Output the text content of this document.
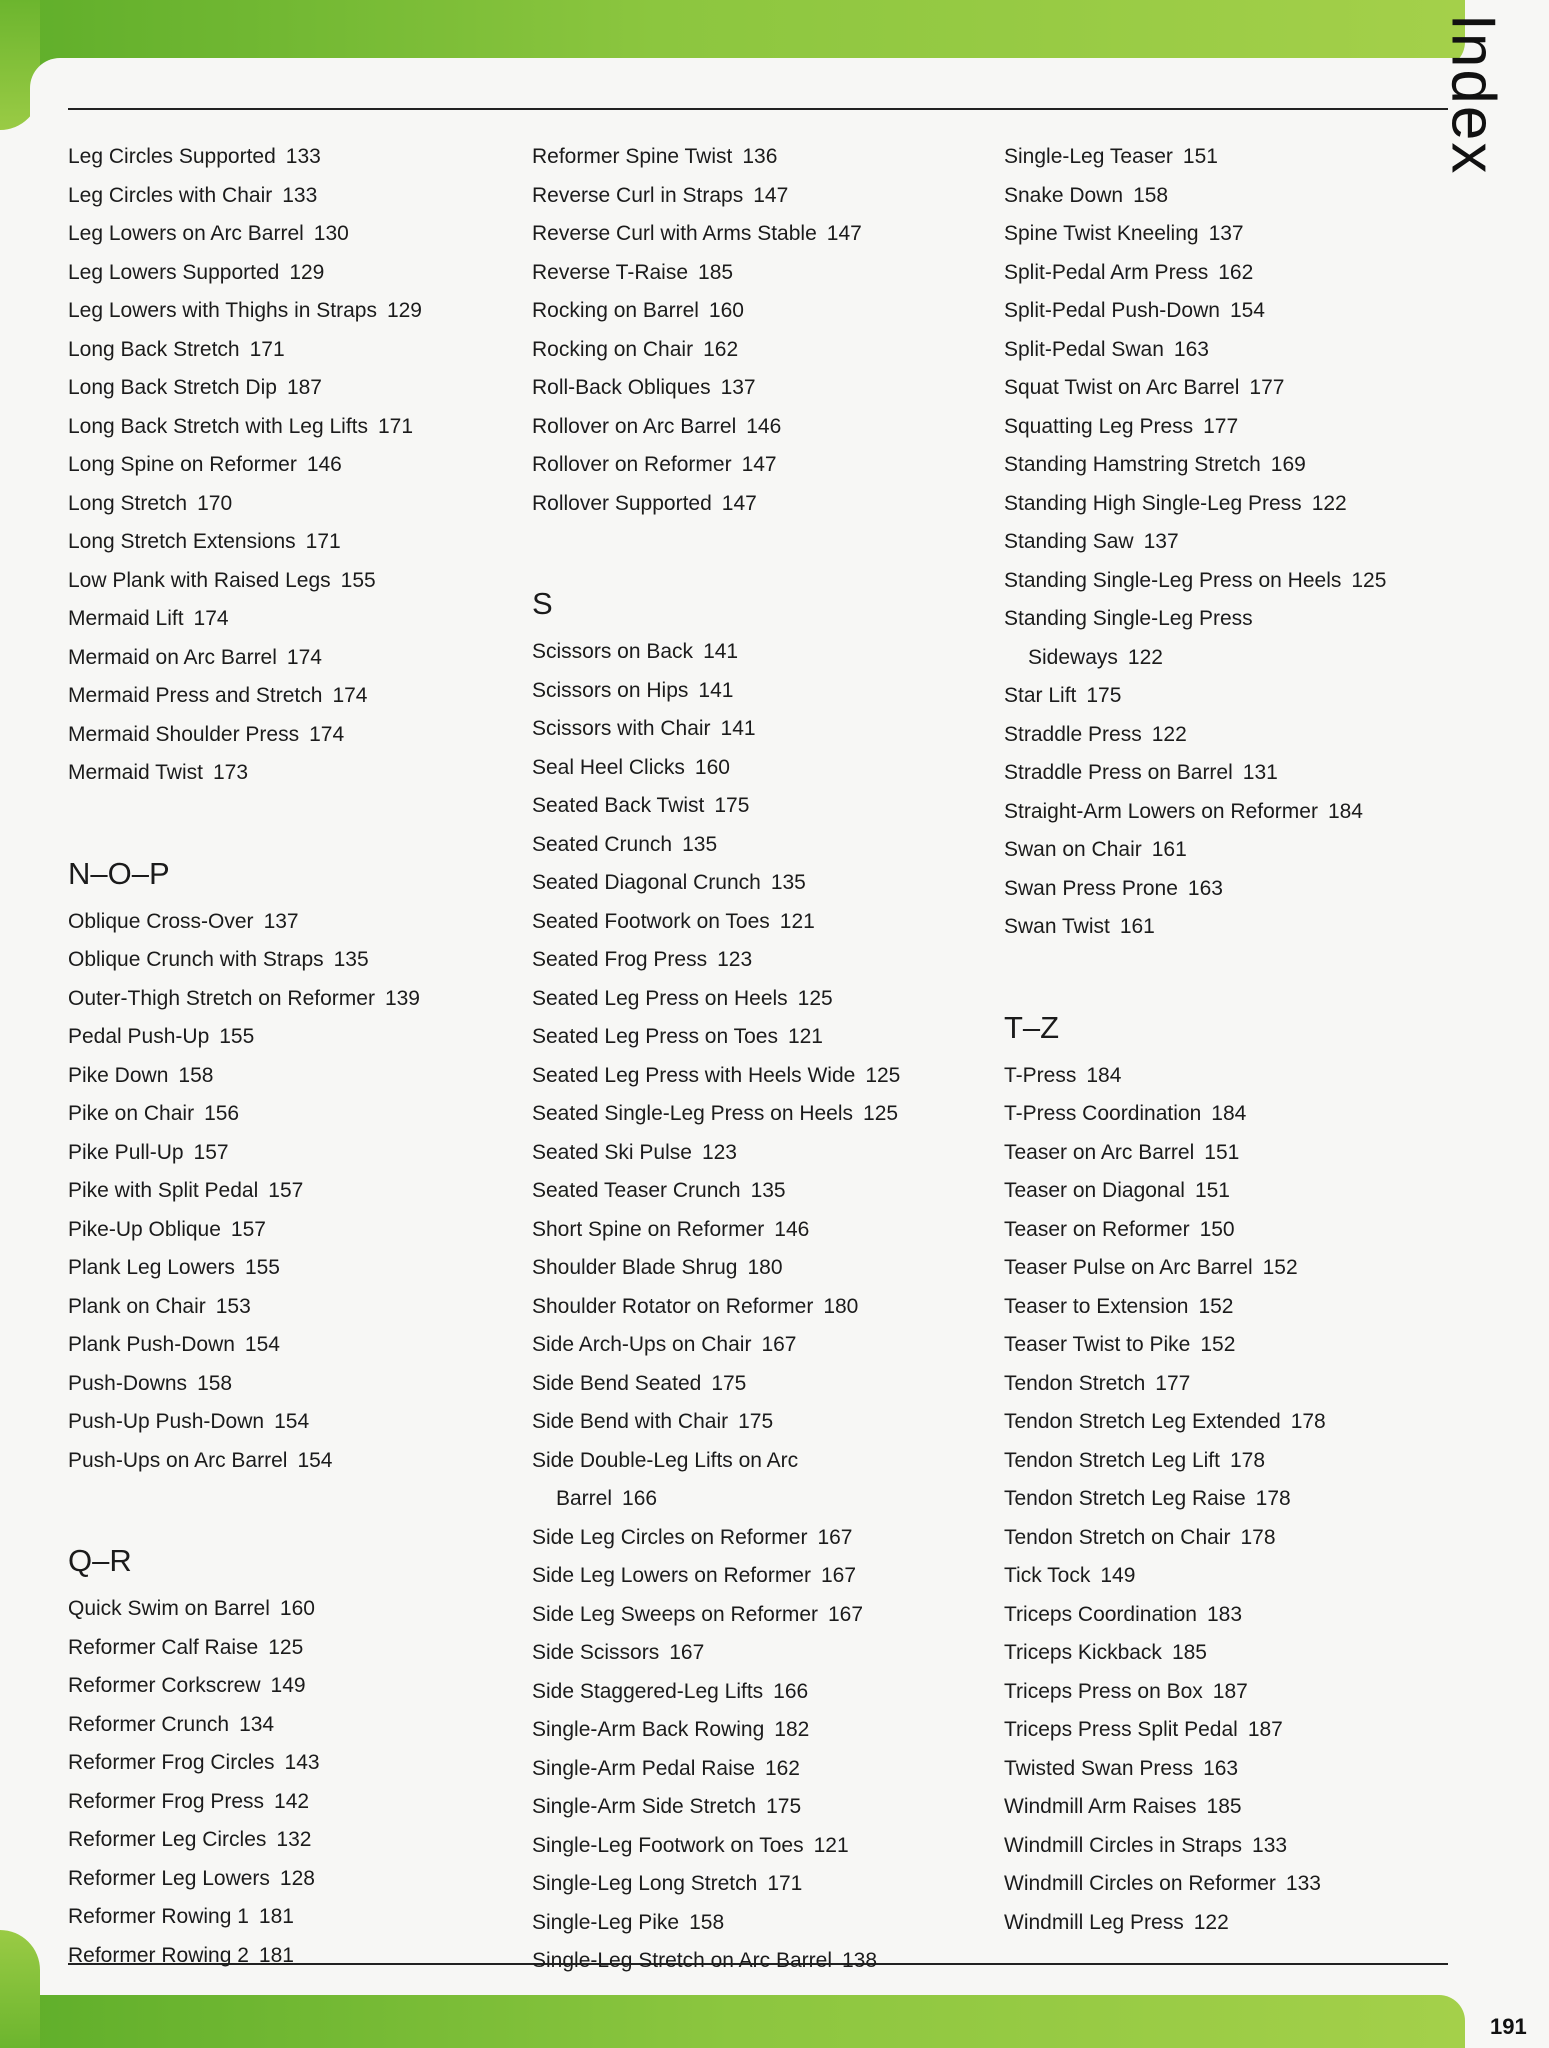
Index
Leg Circles Supported 133
Leg Circles with Chair 133
Leg Lowers on Arc Barrel 130
Leg Lowers Supported 129
Leg Lowers with Thighs in Straps 129
Long Back Stretch 171
Long Back Stretch Dip 187
Long Back Stretch with Leg Lifts 171
Long Spine on Reformer 146
Long Stretch 170
Long Stretch Extensions 171
Low Plank with Raised Legs 155
Mermaid Lift 174
Mermaid on Arc Barrel 174
Mermaid Press and Stretch 174
Mermaid Shoulder Press 174
Mermaid Twist 173
N–O–P
Oblique Cross-Over 137
Oblique Crunch with Straps 135
Outer-Thigh Stretch on Reformer 139
Pedal Push-Up 155
Pike Down 158
Pike on Chair 156
Pike Pull-Up 157
Pike with Split Pedal 157
Pike-Up Oblique 157
Plank Leg Lowers 155
Plank on Chair 153
Plank Push-Down 154
Push-Downs 158
Push-Up Push-Down 154
Push-Ups on Arc Barrel 154
Q–R
Quick Swim on Barrel 160
Reformer Calf Raise 125
Reformer Corkscrew 149
Reformer Crunch 134
Reformer Frog Circles 143
Reformer Frog Press 142
Reformer Leg Circles 132
Reformer Leg Lowers 128
Reformer Rowing 1 181
Reformer Rowing 2 181
Reformer Spine Twist 136
Reverse Curl in Straps 147
Reverse Curl with Arms Stable 147
Reverse T-Raise 185
Rocking on Barrel 160
Rocking on Chair 162
Roll-Back Obliques 137
Rollover on Arc Barrel 146
Rollover on Reformer 147
Rollover Supported 147
S
Scissors on Back 141
Scissors on Hips 141
Scissors with Chair 141
Seal Heel Clicks 160
Seated Back Twist 175
Seated Crunch 135
Seated Diagonal Crunch 135
Seated Footwork on Toes 121
Seated Frog Press 123
Seated Leg Press on Heels 125
Seated Leg Press on Toes 121
Seated Leg Press with Heels Wide 125
Seated Single-Leg Press on Heels 125
Seated Ski Pulse 123
Seated Teaser Crunch 135
Short Spine on Reformer 146
Shoulder Blade Shrug 180
Shoulder Rotator on Reformer 180
Side Arch-Ups on Chair 167
Side Bend Seated 175
Side Bend with Chair 175
Side Double-Leg Lifts on Arc
Barrel 166
Side Leg Circles on Reformer 167
Side Leg Lowers on Reformer 167
Side Leg Sweeps on Reformer 167
Side Scissors 167
Side Staggered-Leg Lifts 166
Single-Arm Back Rowing 182
Single-Arm Pedal Raise 162
Single-Arm Side Stretch 175
Single-Leg Footwork on Toes 121
Single-Leg Long Stretch 171
Single-Leg Pike 158
Single-Leg Stretch on Arc Barrel 138
Single-Leg Teaser 151
Snake Down 158
Spine Twist Kneeling 137
Split-Pedal Arm Press 162
Split-Pedal Push-Down 154
Split-Pedal Swan 163
Squat Twist on Arc Barrel 177
Squatting Leg Press 177
Standing Hamstring Stretch 169
Standing High Single-Leg Press 122
Standing Saw 137
Standing Single-Leg Press on Heels 125
Standing Single-Leg Press
Sideways 122
Star Lift 175
Straddle Press 122
Straddle Press on Barrel 131
Straight-Arm Lowers on Reformer 184
Swan on Chair 161
Swan Press Prone 163
Swan Twist 161
T–Z
T-Press 184
T-Press Coordination 184
Teaser on Arc Barrel 151
Teaser on Diagonal 151
Teaser on Reformer 150
Teaser Pulse on Arc Barrel 152
Teaser to Extension 152
Teaser Twist to Pike 152
Tendon Stretch 177
Tendon Stretch Leg Extended 178
Tendon Stretch Leg Lift 178
Tendon Stretch Leg Raise 178
Tendon Stretch on Chair 178
Tick Tock 149
Triceps Coordination 183
Triceps Kickback 185
Triceps Press on Box 187
Triceps Press Split Pedal 187
Twisted Swan Press 163
Windmill Arm Raises 185
Windmill Circles in Straps 133
Windmill Circles on Reformer 133
Windmill Leg Press 122
191
